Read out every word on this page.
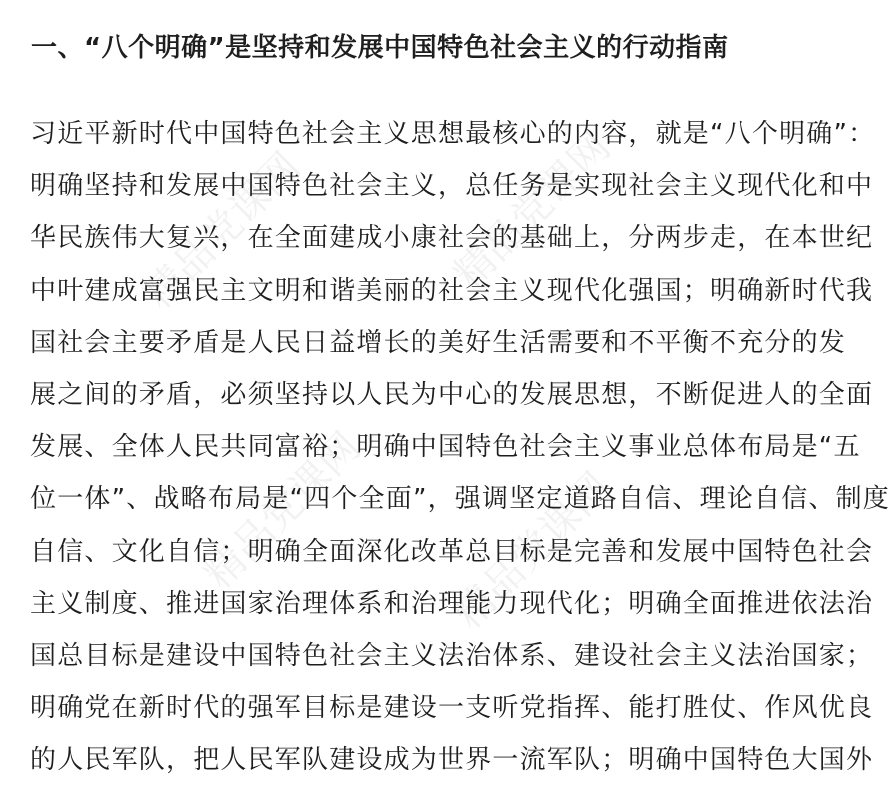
精品党课网	精品党课网
精品党课网 精品党课网
一、“八个明确”是坚持和发展中国特色社会主义的行动指南
习近平新时代中国特色社会主义思想最核心的内容，就是“八个明确”：
明确坚持和发展中国特色社会主义，总任务是实现社会主义现代化和中
华民族伟大复兴，在全面建成小康社会的基础上，分两步走，在本世纪
中叶建成富强民主文明和谐美丽的社会主义现代化强国；明确新时代我
国社会主要矛盾是人民日益增长的美好生活需要和不平衡不充分的发
展之间的矛盾，必须坚持以人民为中心的发展思想，不断促进人的全面
发展、全体人民共同富裕；明确中国特色社会主义事业总体布局是“五
位一体”、战略布局是“四个全面”，强调坚定道路自信、理论自信、制度
自信、文化自信；明确全面深化改革总目标是完善和发展中国特色社会
主义制度、推进国家治理体系和治理能力现代化；明确全面推进依法治
国总目标是建设中国特色社会主义法治体系、建设社会主义法治国家；
明确党在新时代的强军目标是建设一支听党指挥、能打胜仗、作风优良
的人民军队，把人民军队建设成为世界一流军队；明确中国特色大国外
